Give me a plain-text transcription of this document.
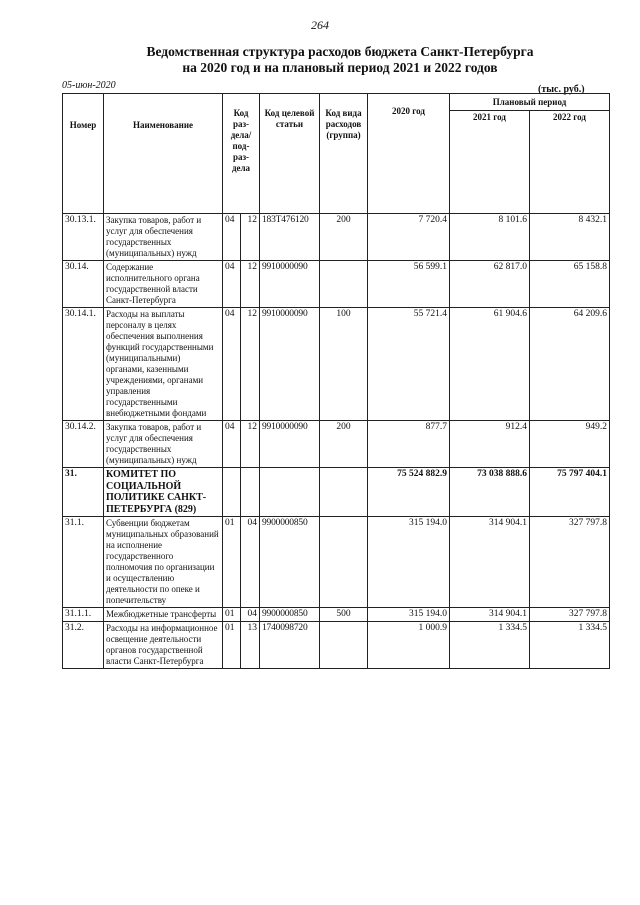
264
Ведомственная структура расходов бюджета Санкт-Петербурга
на 2020 год и на плановый период 2021 и 2022 годов
05-июн-2020	(тыс. руб.)
Номер	Наименование	Код раз- дела/ под- раз- дела		Код целевой статьи	Код вида расходов (группа)	2020 год	Плановый период	
							2021 год	2022 год
30.13.1.	Закупка товаров, работ и услуг для обеспечения государственных (муниципальных) нужд	04	12	183Т476120	200	7 720.4	8 101.6	8 432.1
30.14.	Содержание исполнительного органа государственной власти Санкт-Петербурга	04	12	9910000090		56 599.1	62 817.0	65 158.8
30.14.1.	Расходы на выплаты персоналу в целях обеспечения выполнения функций государственными (муниципальными) органами, казенными учреждениями, органами управления государственными внебюджетными фондами	04	12	9910000090	100	55 721.4	61 904.6	64 209.6
30.14.2.	Закупка товаров, работ и услуг для обеспечения государственных (муниципальных) нужд	04	12	9910000090	200	877.7	912.4	949.2
31.	КОМИТЕТ ПО СОЦИАЛЬНОЙ ПОЛИТИКЕ САНКТ-ПЕТЕРБУРГА (829)					75 524 882.9	73 038 888.6	75 797 404.1
31.1.	Субвенции бюджетам муниципальных образований на исполнение государственного полномочия по организации и осуществлению деятельности по опеке и попечительству	01	04	9900000850		315 194.0	314 904.1	327 797.8
31.1.1.	Межбюджетные трансферты	01	04	9900000850	500	315 194.0	314 904.1	327 797.8
31.2.	Расходы на информационное освещение деятельности органов государственной власти Санкт-Петербурга	01	13	1740098720		1 000.9	1 334.5	1 334.5
